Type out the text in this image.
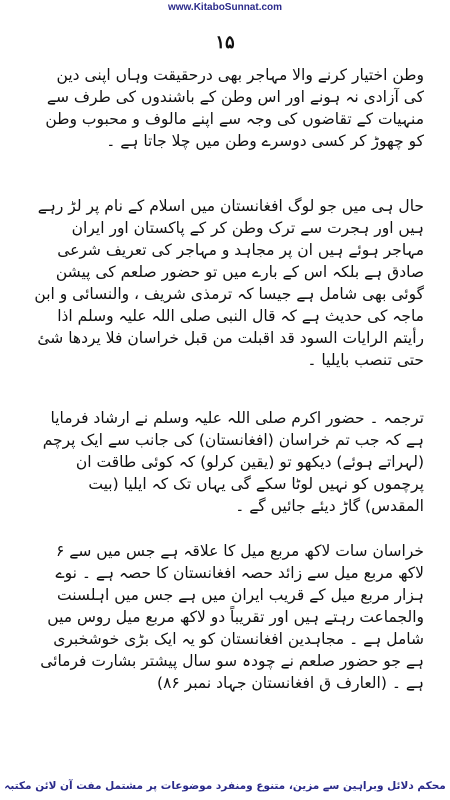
www.KitaboSunnat.com
۱۵

وطن اختیار کرنے والا مہاجر بھی درحقیقت وہاں اپنی دین کی آزادی نہ ہونے اور اس وطن کے باشندوں کی طرف سے منہیات کے تقاضوں کی وجہ سے اپنے مالوف و محبوب وطن کو چھوڑ کر کسی دوسرے وطن میں چلا جاتا ہے ۔

حال ہی میں جو لوگ افغانستان میں اسلام کے نام پر لڑ رہے ہیں اور ہجرت سے ترک وطن کر کے پاکستان اور ایران مہاجر ہوئے ہیں ان پر مجاہد و مہاجر کی تعریف شرعی صادق ہے بلکہ اس کے بارے میں تو حضور صلعم کی پیشن گوئی بھی شامل ہے جیسا کہ ترمذی شریف ، والنسائی و ابن ماجہ کی حدیث ہے کہ قال النبی صلی اللہ علیہ وسلم اذا رأیتم الرایات السود قد اقبلت من قبل خراسان فلا یردھا شئ حتی تنصب بایلیا ۔

ترجمہ ۔ حضور اکرم صلی اللہ علیہ وسلم نے ارشاد فرمایا ہے کہ جب تم خراسان (افغانستان) کی جانب سے ایک پرچم (لہراتے ہوئے) دیکھو تو (یقین کرلو) کہ کوئی طاقت ان پرچموں کو نہیں لوٹا سکے گی یہاں تک کہ ایلیا (بیت المقدس) گاڑ دیئے جائیں گے ۔

خراسان سات لاکھ مربع میل کا علاقہ ہے جس میں سے ۶ لاکھ مربع میل سے زائد حصہ افغانستان کا حصہ ہے ۔ نوے ہزار مربع میل کے قریب ایران میں ہے جس میں اہلسنت والجماعت رہتے ہیں اور تقریباً دو لاکھ مربع میل روس میں شامل ہے ۔ مجاہدین افغانستان کو یہ ایک بڑی خوشخبری ہے جو حضور صلعم نے چودہ سو سال پیشتر بشارت فرمائی ہے ۔ (العارف ق افغانستان جہاد نمبر ۸۶)
محکم دلائل وبراہین سے مزین، متنوع ومنفرد موضوعات پر مشتمل مفت آن لائن مکتبہ
